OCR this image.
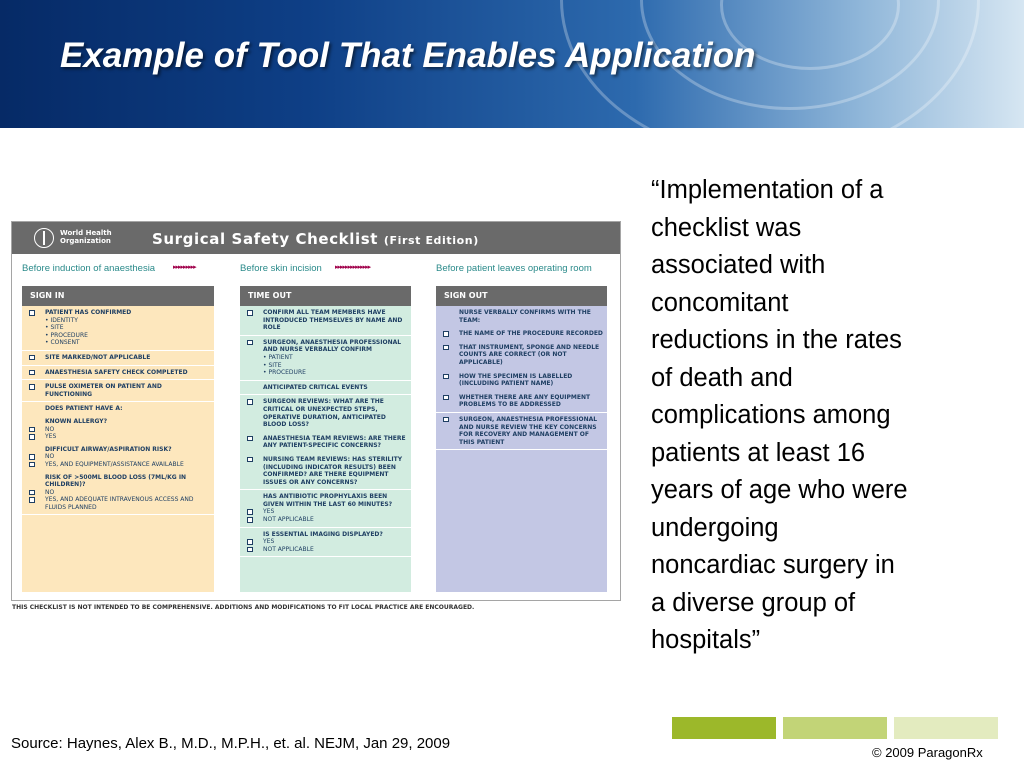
Example of Tool That Enables Application
World Health Organization	Surgical Safety Checklist (First Edition)
Before induction of anaesthesia	▸▸▸▸▸▸▸▸▸	Before skin incision ▸▸▸▸▸▸▸▸▸▸▸▸▸▸	Before patient leaves operating room
SIGN IN
PATIENT HAS CONFIRMED
• IDENTITY
• SITE
• PROCEDURE
• CONSENT
SITE MARKED/NOT APPLICABLE
ANAESTHESIA SAFETY CHECK COMPLETED
PULSE OXIMETER ON PATIENT AND FUNCTIONING
DOES PATIENT HAVE A:
KNOWN ALLERGY?
NO
YES
DIFFICULT AIRWAY/ASPIRATION RISK?
NO
YES, AND EQUIPMENT/ASSISTANCE AVAILABLE
RISK OF >500ML BLOOD LOSS (7ML/KG IN CHILDREN)?
NO
YES, AND ADEQUATE INTRAVENOUS ACCESS AND FLUIDS PLANNED
TIME OUT
CONFIRM ALL TEAM MEMBERS HAVE INTRODUCED THEMSELVES BY NAME AND ROLE
SURGEON, ANAESTHESIA PROFESSIONAL AND NURSE VERBALLY CONFIRM
• PATIENT
• SITE
• PROCEDURE
ANTICIPATED CRITICAL EVENTS
SURGEON REVIEWS: WHAT ARE THE CRITICAL OR UNEXPECTED STEPS, OPERATIVE DURATION, ANTICIPATED BLOOD LOSS?
ANAESTHESIA TEAM REVIEWS: ARE THERE ANY PATIENT-SPECIFIC CONCERNS?
NURSING TEAM REVIEWS: HAS STERILITY (INCLUDING INDICATOR RESULTS) BEEN CONFIRMED? ARE THERE EQUIPMENT ISSUES OR ANY CONCERNS?
HAS ANTIBIOTIC PROPHYLAXIS BEEN GIVEN WITHIN THE LAST 60 MINUTES?
YES
NOT APPLICABLE
IS ESSENTIAL IMAGING DISPLAYED?
YES
NOT APPLICABLE
SIGN OUT
NURSE VERBALLY CONFIRMS WITH THE TEAM:
THE NAME OF THE PROCEDURE RECORDED
THAT INSTRUMENT, SPONGE AND NEEDLE COUNTS ARE CORRECT (OR NOT APPLICABLE)
HOW THE SPECIMEN IS LABELLED (INCLUDING PATIENT NAME)
WHETHER THERE ARE ANY EQUIPMENT PROBLEMS TO BE ADDRESSED
SURGEON, ANAESTHESIA PROFESSIONAL AND NURSE REVIEW THE KEY CONCERNS FOR RECOVERY AND MANAGEMENT OF THIS PATIENT
THIS CHECKLIST IS NOT INTENDED TO BE COMPREHENSIVE. ADDITIONS AND MODIFICATIONS TO FIT LOCAL PRACTICE ARE ENCOURAGED.
“Implementation of a
checklist was
associated with
concomitant
reductions in the rates
of death and
complications among
patients at least 16
years of age who were
undergoing
noncardiac surgery in
a diverse group of
hospitals”
Source: Haynes, Alex B., M.D., M.P.H., et. al. NEJM, Jan 29, 2009
© 2009 ParagonRx
